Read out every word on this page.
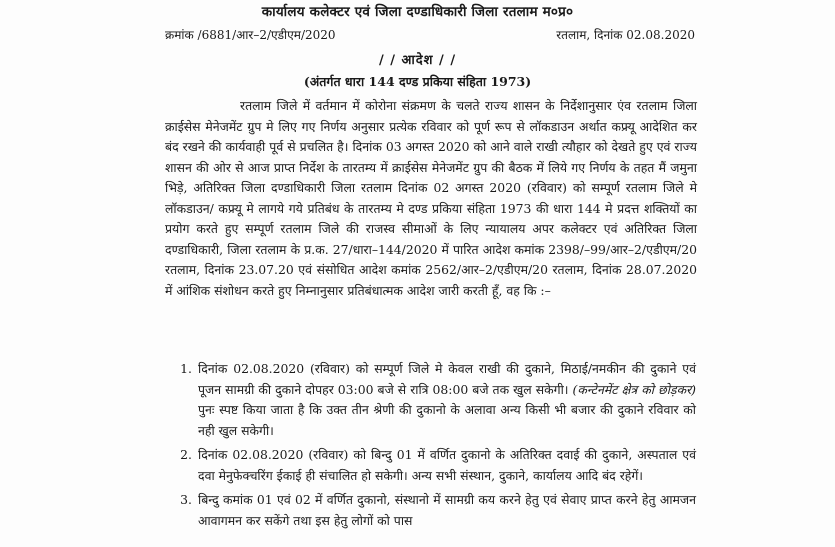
कार्यालय कलेक्टर एवं जिला दण्डाधिकारी जिला रतलाम म०प्र०
क्रमांक /6881/आर–2/एडीएम/2020	रतलाम, दिनांक 02.08.2020
/ / आदेश / /
(अंतर्गत धारा 144 दण्ड प्रकिया संहिता 1973)

रतलाम जिले में वर्तमान में कोरोना संक्रमण के चलते राज्य शासन के निर्देशानुसार एंव रतलाम जिला क्राईसेस मेनेजमेंट ग्रुप मे लिए गए निर्णय अनुसार प्रत्येक रविवार को पूर्ण रूप से लॉकडाउन अर्थात कफ्र्यू आदेशित कर बंद रखने की कार्यवाही पूर्व से प्रचलित है। दिनांक 03 अगस्त 2020 को आने वाले राखी त्यौहार को देखते हुए एवं राज्य शासन की ओर से आज प्राप्त निर्देश के तारतम्य में क्राईसेस मेनेजमेंट ग्रुप की बैठक में लिये गए निर्णय के तहत मैं जमुना भिड़े, अतिरिक्त जिला दण्डाधिकारी जिला रतलाम दिनांक 02 अगस्त 2020 (रविवार) को सम्पूर्ण रतलाम जिले मे लॉकडाउन/ कफ्र्यू मे लागये गये प्रतिबंध के तारतम्य मे दण्ड प्रकिया संहिता 1973 की धारा 144 मे प्रदत्त शक्तियों का प्रयोग करते हुए सम्पूर्ण रतलाम जिले की राजस्व सीमाओं के लिए न्यायालय अपर कलेक्टर एवं अतिरिक्त जिला दण्डाधिकारी, जिला रतलाम के प्र.क. 27/धारा–144/2020 में पारित आदेश कमांक 2398/–99/आर–2/एडीएम/20 रतलाम, दिनांक 23.07.20 एवं संसोधित आदेश कमांक 2562/आर–2/एडीएम/20 रतलाम, दिनांक 28.07.2020 में आंशिक संशोधन करते हुए निम्नानुसार प्रतिबंधात्मक आदेश जारी करती हूँ, वह कि :–

1. दिनांक 02.08.2020 (रविवार) को सम्पूर्ण जिले मे केवल राखी की दुकाने, मिठाई/नमकीन की दुकाने एवं पूजन सामग्री की दुकाने दोपहर 03:00 बजे से रात्रि 08:00 बजे तक खुल सकेगी। (कन्टेनमेंट क्षेत्र को छोड़कर) पुनः स्पष्ट किया जाता है कि उक्त तीन श्रेणी की दुकानो के अलावा अन्य किसी भी बजार की दुकाने रविवार को नही खुल सकेगी।
2. दिनांक 02.08.2020 (रविवार) को बिन्दु 01 में वर्णित दुकानो के अतिरिक्त दवाई की दुकाने, अस्पताल एवं दवा मेनुफेक्चरिंग ईकाई ही संचालित हो सकेगी। अन्य सभी संस्थान, दुकाने, कार्यालय आदि बंद रहेगें।
3. बिन्दु कमांक 01 एवं 02 में वर्णित दुकानो, संस्थानो में सामग्री कय करने हेतु एवं सेवाए प्राप्त करने हेतु आमजन आवागमन कर सकेंगे तथा इस हेतु लोगों को पास
